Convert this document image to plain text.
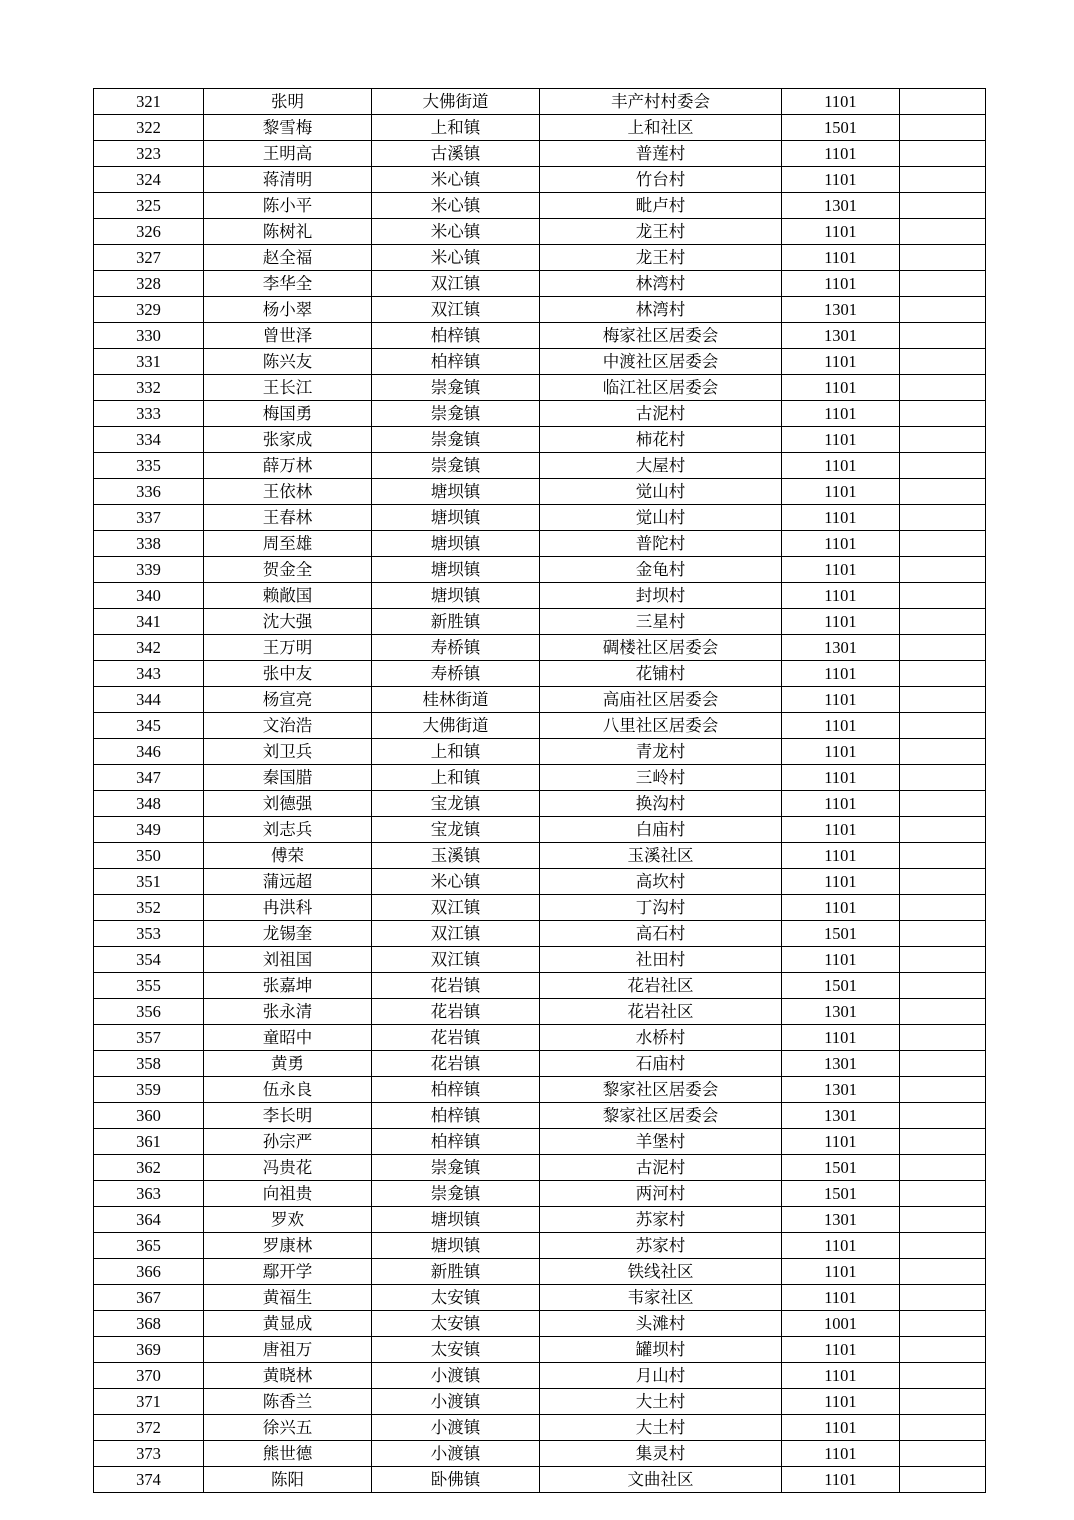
321	张明	大佛街道	丰产村村委会	1101	
322	黎雪梅	上和镇	上和社区	1501	
323	王明高	古溪镇	普莲村	1101	
324	蒋清明	米心镇	竹台村	1101	
325	陈小平	米心镇	毗卢村	1301	
326	陈树礼	米心镇	龙王村	1101	
327	赵全福	米心镇	龙王村	1101	
328	李华全	双江镇	林湾村	1101	
329	杨小翠	双江镇	林湾村	1301	
330	曾世泽	柏梓镇	梅家社区居委会	1301	
331	陈兴友	柏梓镇	中渡社区居委会	1101	
332	王长江	崇龛镇	临江社区居委会	1101	
333	梅国勇	崇龛镇	古泥村	1101	
334	张家成	崇龛镇	柿花村	1101	
335	薛万林	崇龛镇	大屋村	1101	
336	王依林	塘坝镇	觉山村	1101	
337	王春林	塘坝镇	觉山村	1101	
338	周至雄	塘坝镇	普陀村	1101	
339	贺金全	塘坝镇	金龟村	1101	
340	赖敞国	塘坝镇	封坝村	1101	
341	沈大强	新胜镇	三星村	1101	
342	王万明	寿桥镇	碉楼社区居委会	1301	
343	张中友	寿桥镇	花铺村	1101	
344	杨宣亮	桂林街道	高庙社区居委会	1101	
345	文治浩	大佛街道	八里社区居委会	1101	
346	刘卫兵	上和镇	青龙村	1101	
347	秦国腊	上和镇	三岭村	1101	
348	刘德强	宝龙镇	换沟村	1101	
349	刘志兵	宝龙镇	白庙村	1101	
350	傅荣	玉溪镇	玉溪社区	1101	
351	蒲远超	米心镇	高坎村	1101	
352	冉洪科	双江镇	丁沟村	1101	
353	龙锡奎	双江镇	高石村	1501	
354	刘祖国	双江镇	社田村	1101	
355	张嘉坤	花岩镇	花岩社区	1501	
356	张永清	花岩镇	花岩社区	1301	
357	童昭中	花岩镇	水桥村	1101	
358	黄勇	花岩镇	石庙村	1301	
359	伍永良	柏梓镇	黎家社区居委会	1301	
360	李长明	柏梓镇	黎家社区居委会	1301	
361	孙宗严	柏梓镇	羊堡村	1101	
362	冯贵花	崇龛镇	古泥村	1501	
363	向祖贵	崇龛镇	两河村	1501	
364	罗欢	塘坝镇	苏家村	1301	
365	罗康林	塘坝镇	苏家村	1101	
366	鄢开学	新胜镇	铁线社区	1101	
367	黄福生	太安镇	韦家社区	1101	
368	黄显成	太安镇	头滩村	1001	
369	唐祖万	太安镇	罐坝村	1101	
370	黄晓林	小渡镇	月山村	1101	
371	陈香兰	小渡镇	大土村	1101	
372	徐兴五	小渡镇	大土村	1101	
373	熊世德	小渡镇	集灵村	1101	
374	陈阳	卧佛镇	文曲社区	1101	
